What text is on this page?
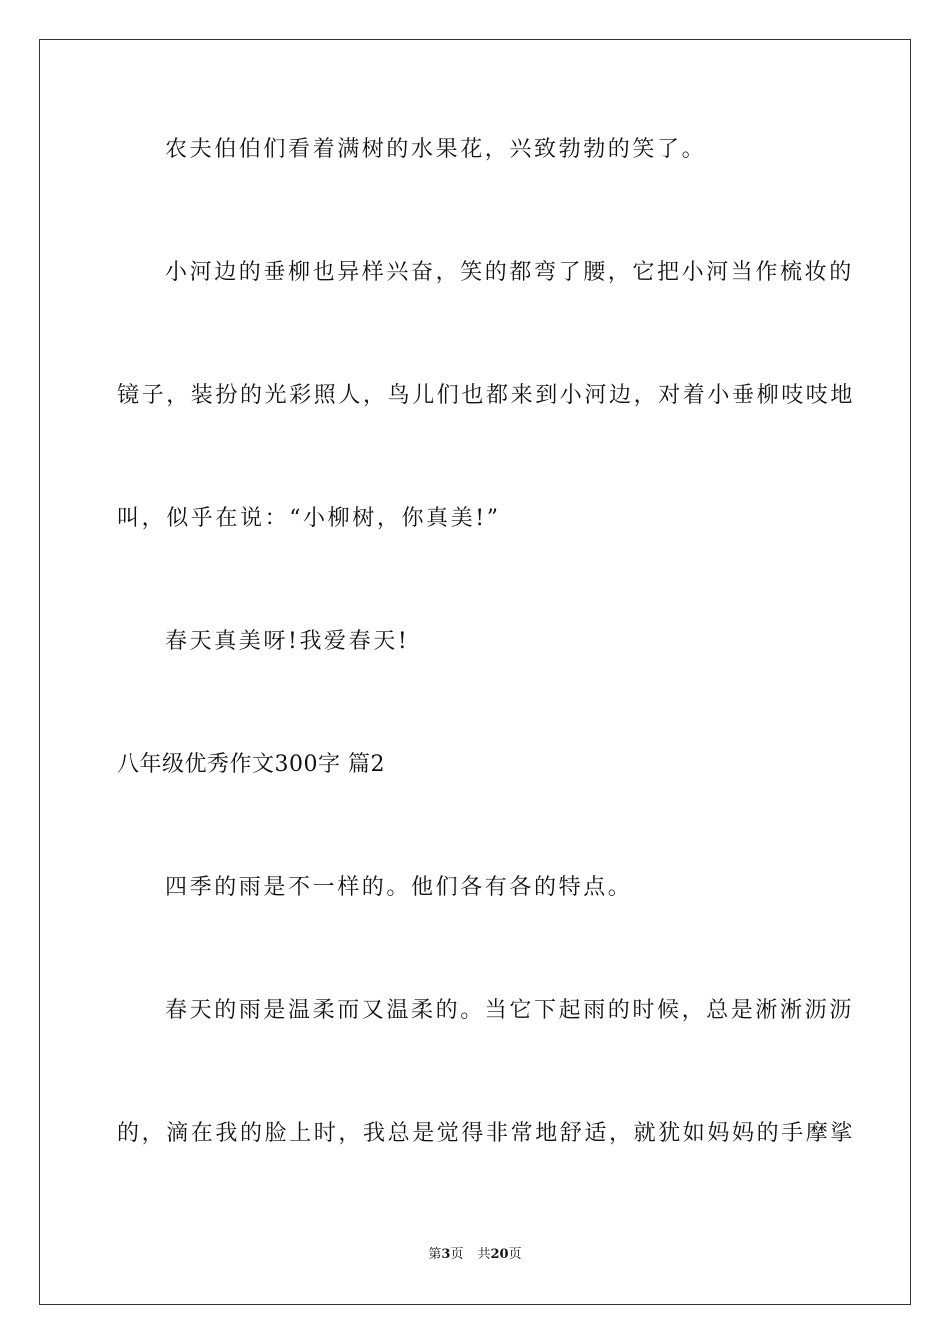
农夫伯伯们看着满树的水果花，兴致勃勃的笑了。
小河边的垂柳也异样兴奋，笑的都弯了腰，它把小河当作梳妆的
镜子，装扮的光彩照人，鸟儿们也都来到小河边，对着小垂柳吱吱地
叫，似乎在说：“小柳树，你真美!”
春天真美呀!我爱春天!
八年级优秀作文300字 篇2
四季的雨是不一样的。他们各有各的特点。
春天的雨是温柔而又温柔的。当它下起雨的时候，总是淅淅沥沥
的，滴在我的脸上时，我总是觉得非常地舒适，就犹如妈妈的手摩挲
第3页 共20页
